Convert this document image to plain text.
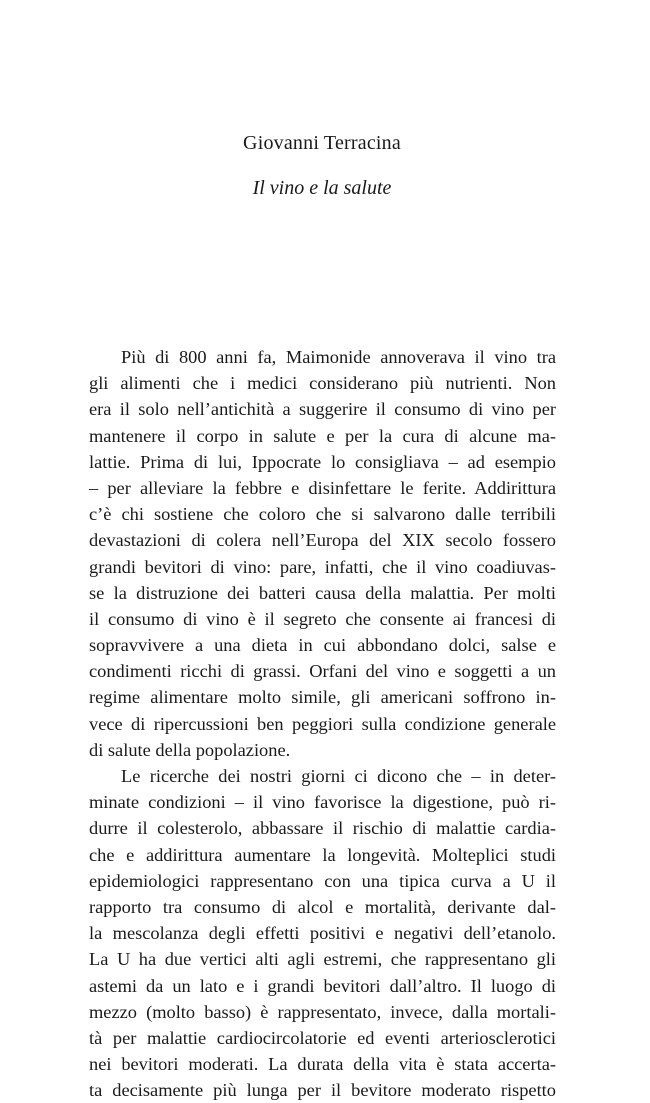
Giovanni Terracina
Il vino e la salute
Più di 800 anni fa, Maimonide annoverava il vino tra
gli alimenti che i medici considerano più nutrienti. Non
era il solo nell’antichità a suggerire il consumo di vino per
mantenere il corpo in salute e per la cura di alcune ma-
lattie. Prima di lui, Ippocrate lo consigliava – ad esempio
– per alleviare la febbre e disinfettare le ferite. Addirittura
c’è chi sostiene che coloro che si salvarono dalle terribili
devastazioni di colera nell’Europa del XIX secolo fossero
grandi bevitori di vino: pare, infatti, che il vino coadiuvas-
se la distruzione dei batteri causa della malattia. Per molti
il consumo di vino è il segreto che consente ai francesi di
sopravvivere a una dieta in cui abbondano dolci, salse e
condimenti ricchi di grassi. Orfani del vino e soggetti a un
regime alimentare molto simile, gli americani soffrono in-
vece di ripercussioni ben peggiori sulla condizione generale
di salute della popolazione.
Le ricerche dei nostri giorni ci dicono che – in deter-
minate condizioni – il vino favorisce la digestione, può ri-
durre il colesterolo, abbassare il rischio di malattie cardia-
che e addirittura aumentare la longevità. Molteplici studi
epidemiologici rappresentano con una tipica curva a U il
rapporto tra consumo di alcol e mortalità, derivante dal-
la mescolanza degli effetti positivi e negativi dell’etanolo.
La U ha due vertici alti agli estremi, che rappresentano gli
astemi da un lato e i grandi bevitori dall’altro. Il luogo di
mezzo (molto basso) è rappresentato, invece, dalla mortali-
tà per malattie cardiocircolatorie ed eventi arteriosclerotici
nei bevitori moderati. La durata della vita è stata accerta-
ta decisamente più lunga per il bevitore moderato rispetto
